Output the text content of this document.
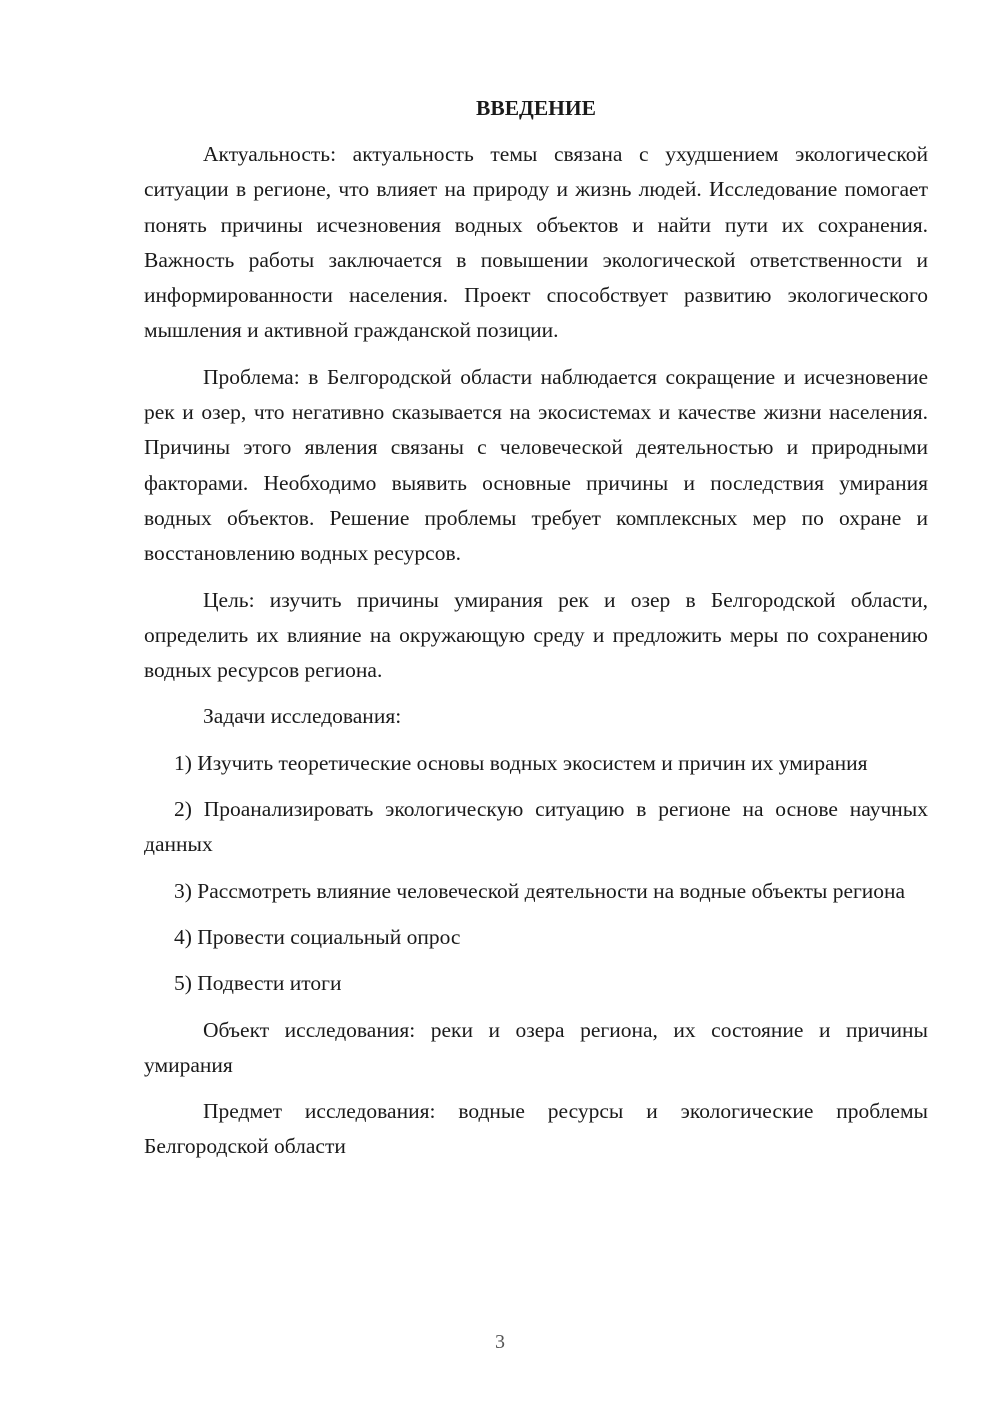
ВВЕДЕНИЕ

Актуальность: актуальность темы связана с ухудшением экологической ситуации в регионе, что влияет на природу и жизнь людей. Исследование помогает понять причины исчезновения водных объектов и найти пути их сохранения. Важность работы заключается в повышении экологической ответственности и информированности населения. Проект способствует развитию экологического мышления и активной гражданской позиции.

Проблема: в Белгородской области наблюдается сокращение и исчезновение рек и озер, что негативно сказывается на экосистемах и качестве жизни населения. Причины этого явления связаны с человеческой деятельностью и природными факторами. Необходимо выявить основные причины и последствия умирания водных объектов. Решение проблемы требует комплексных мер по охране и восстановлению водных ресурсов.

Цель: изучить причины умирания рек и озер в Белгородской области, определить их влияние на окружающую среду и предложить меры по сохранению водных ресурсов региона.

Задачи исследования:

1) Изучить теоретические основы водных экосистем и причин их умирания

2) Проанализировать экологическую ситуацию в регионе на основе научных данных

3) Рассмотреть влияние человеческой деятельности на водные объекты региона

4) Провести социальный опрос

5) Подвести итоги

Объект исследования: реки и озера региона, их состояние и причины умирания

Предмет исследования: водные ресурсы и экологические проблемы Белгородской области

3
